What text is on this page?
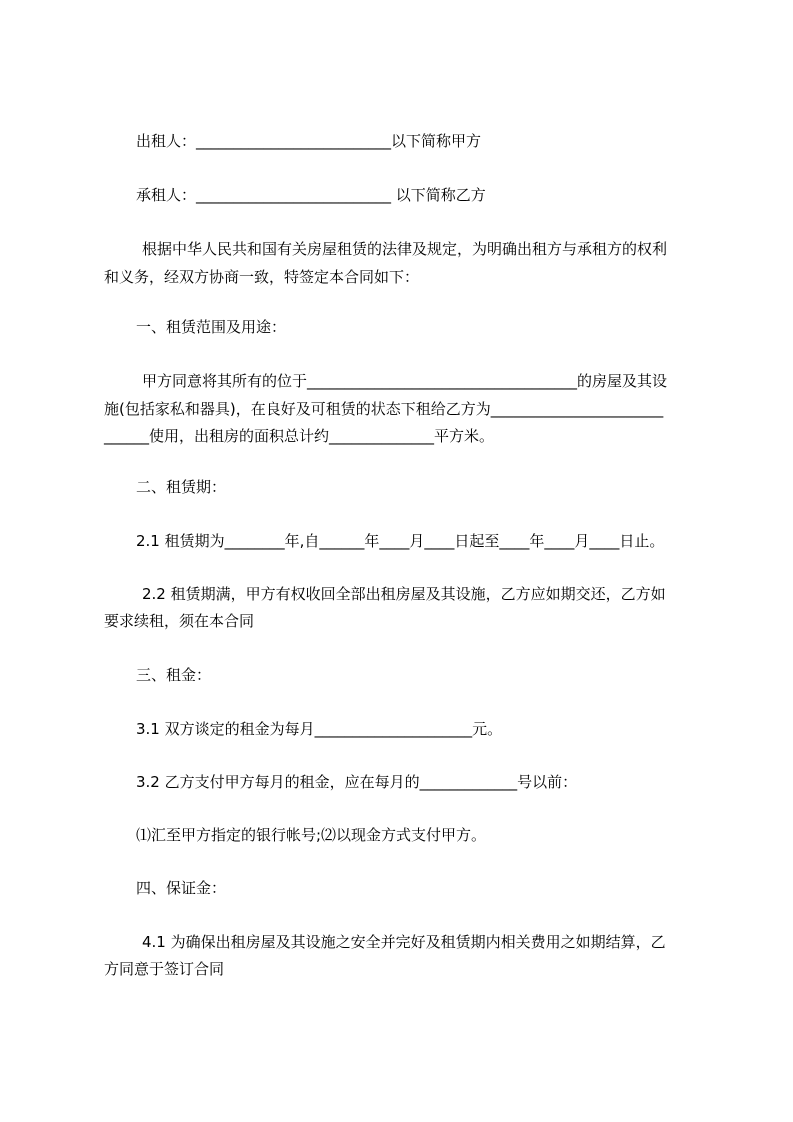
出租人：__________________________以下简称甲方
承租人：__________________________ 以下简称乙方
根据中华人民共和国有关房屋租赁的法律及规定，为明确出租方与承租方的权利
和义务，经双方协商一致，特签定本合同如下：
一、租赁范围及用途：
甲方同意将其所有的位于____________________________________的房屋及其设
施(包括家私和器具)，在良好及可租赁的状态下租给乙方为_______________________
______使用，出租房的面积总计约______________平方米。
二、租赁期：
2.1 租赁期为________年,自______年____月____日起至____年____月____日止。
2.2 租赁期满，甲方有权收回全部出租房屋及其设施，乙方应如期交还，乙方如
要求续租，须在本合同
三、租金：
3.1 双方谈定的租金为每月_____________________元。
3.2 乙方支付甲方每月的租金，应在每月的_____________号以前：
⑴汇至甲方指定的银行帐号;⑵以现金方式支付甲方。
四、保证金：
4.1 为确保出租房屋及其设施之安全并完好及租赁期内相关费用之如期结算，乙
方同意于签订合同
